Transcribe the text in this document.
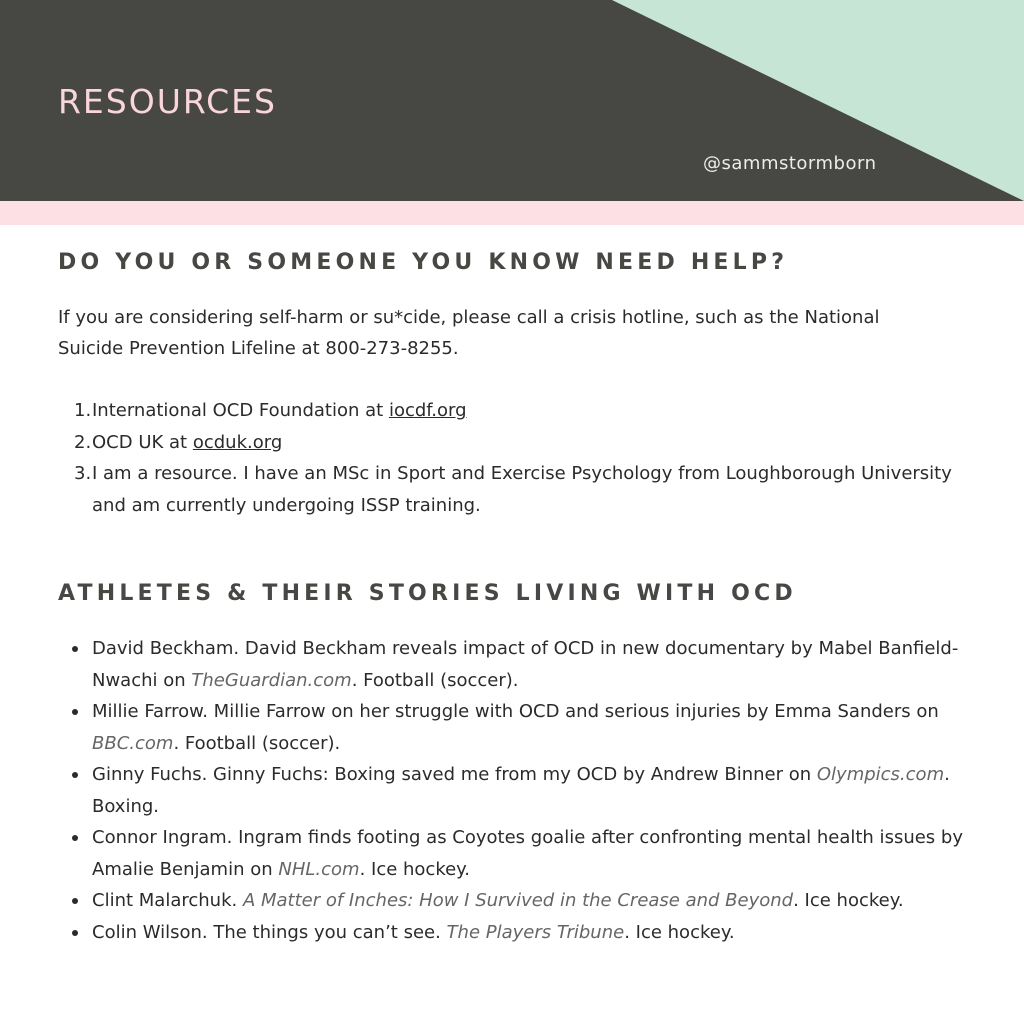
RESOURCES
@sammstormborn
DO YOU OR SOMEONE YOU KNOW NEED HELP?

If you are considering self-harm or su*cide, please call a crisis hotline, such as the National Suicide Prevention Lifeline at 800-273-8255.

1. International OCD Foundation at iocdf.org
2. OCD UK at ocduk.org
3. I am a resource. I have an MSc in Sport and Exercise Psychology from Loughborough University and am currently undergoing ISSP training.
ATHLETES & THEIR STORIES LIVING WITH OCD
David Beckham. David Beckham reveals impact of OCD in new documentary by Mabel Banfield-Nwachi on TheGuardian.com. Football (soccer).
Millie Farrow. Millie Farrow on her struggle with OCD and serious injuries by Emma Sanders on BBC.com. Football (soccer).
Ginny Fuchs. Ginny Fuchs: Boxing saved me from my OCD by Andrew Binner on Olympics.com. Boxing.
Connor Ingram. Ingram finds footing as Coyotes goalie after confronting mental health issues by Amalie Benjamin on NHL.com. Ice hockey.
Clint Malarchuk. A Matter of Inches: How I Survived in the Crease and Beyond. Ice hockey.
Colin Wilson. The things you can’t see. The Players Tribune. Ice hockey.
